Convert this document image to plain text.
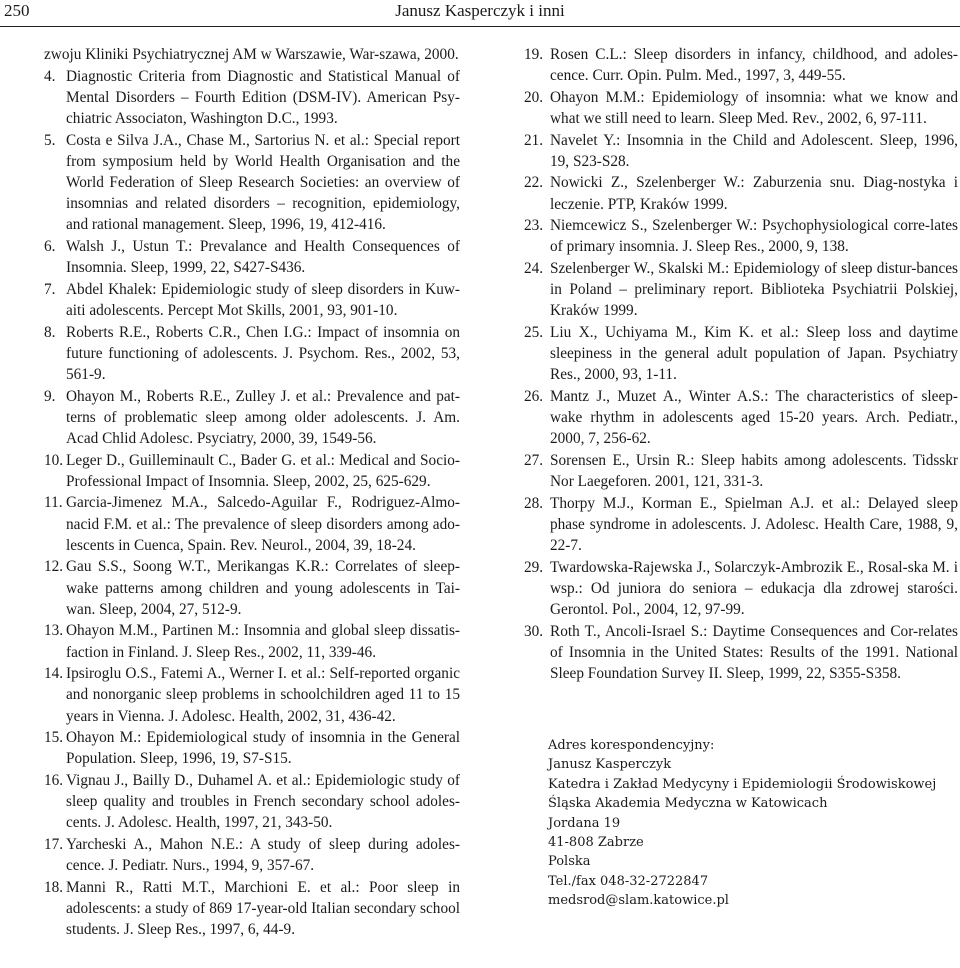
250	Janusz Kasperczyk i inni
zwoju Kliniki Psychiatrycznej AM w Warszawie, War-szawa, 2000.
4. Diagnostic Criteria from Diagnostic and Statistical Manual of Mental Disorders – Fourth Edition (DSM-IV). American Psy-chiatric Associaton, Washington D.C., 1993.
5. Costa e Silva J.A., Chase M., Sartorius N. et al.: Special report from symposium held by World Health Organisation and the World Federation of Sleep Research Societies: an overview of insomnias and related disorders – recognition, epidemiology, and rational management. Sleep, 1996, 19, 412-416.
6. Walsh J., Ustun T.: Prevalance and Health Consequences of Insomnia. Sleep, 1999, 22, S427-S436.
7. Abdel Khalek: Epidemiologic study of sleep disorders in Kuw-aiti adolescents. Percept Mot Skills, 2001, 93, 901-10.
8. Roberts R.E., Roberts C.R., Chen I.G.: Impact of insomnia on future functioning of adolescents. J. Psychom. Res., 2002, 53, 561-9.
9. Ohayon M., Roberts R.E., Zulley J. et al.: Prevalence and pat-terns of problematic sleep among older adolescents. J. Am. Acad Chlid Adolesc. Psyciatry, 2000, 39, 1549-56.
10. Leger D., Guilleminault C., Bader G. et al.: Medical and Socio-Professional Impact of Insomnia. Sleep, 2002, 25, 625-629.
11. Garcia-Jimenez M.A., Salcedo-Aguilar F., Rodriguez-Almo-nacid F.M. et al.: The prevalence of sleep disorders among ado-lescents in Cuenca, Spain. Rev. Neurol., 2004, 39, 18-24.
12. Gau S.S., Soong W.T., Merikangas K.R.: Correlates of sleep-wake patterns among children and young adolescents in Tai-wan. Sleep, 2004, 27, 512-9.
13. Ohayon M.M., Partinen M.: Insomnia and global sleep dissatis-faction in Finland. J. Sleep Res., 2002, 11, 339-46.
14. Ipsiroglu O.S., Fatemi A., Werner I. et al.: Self-reported organic and nonorganic sleep problems in schoolchildren aged 11 to 15 years in Vienna. J. Adolesc. Health, 2002, 31, 436-42.
15. Ohayon M.: Epidemiological study of insomnia in the General Population. Sleep, 1996, 19, S7-S15.
16. Vignau J., Bailly D., Duhamel A. et al.: Epidemiologic study of sleep quality and troubles in French secondary school adoles-cents. J. Adolesc. Health, 1997, 21, 343-50.
17. Yarcheski A., Mahon N.E.: A study of sleep during adoles-cence. J. Pediatr. Nurs., 1994, 9, 357-67.
18. Manni R., Ratti M.T., Marchioni E. et al.: Poor sleep in adolescents: a study of 869 17-year-old Italian secondary school students. J. Sleep Res., 1997, 6, 44-9.
19. Rosen C.L.: Sleep disorders in infancy, childhood, and adoles-cence. Curr. Opin. Pulm. Med., 1997, 3, 449-55.
20. Ohayon M.M.: Epidemiology of insomnia: what we know and what we still need to learn. Sleep Med. Rev., 2002, 6, 97-111.
21. Navelet Y.: Insomnia in the Child and Adolescent. Sleep, 1996, 19, S23-S28.
22. Nowicki Z., Szelenberger W.: Zaburzenia snu. Diag-nostyka i leczenie. PTP, Kraków 1999.
23. Niemcewicz S., Szelenberger W.: Psychophysiological corre-lates of primary insomnia. J. Sleep Res., 2000, 9, 138.
24. Szelenberger W., Skalski M.: Epidemiology of sleep distur-bances in Poland – preliminary report. Biblioteka Psychiatrii Polskiej, Kraków 1999.
25. Liu X., Uchiyama M., Kim K. et al.: Sleep loss and daytime sleepiness in the general adult population of Japan. Psychiatry Res., 2000, 93, 1-11.
26. Mantz J., Muzet A., Winter A.S.: The characteristics of sleep-wake rhythm in adolescents aged 15-20 years. Arch. Pediatr., 2000, 7, 256-62.
27. Sorensen E., Ursin R.: Sleep habits among adolescents. Tidsskr Nor Laegeforen. 2001, 121, 331-3.
28. Thorpy M.J., Korman E., Spielman A.J. et al.: Delayed sleep phase syndrome in adolescents. J. Adolesc. Health Care, 1988, 9, 22-7.
29. Twardowska-Rajewska J., Solarczyk-Ambrozik E., Rosal-ska M. i wsp.: Od juniora do seniora – edukacja dla zdrowej starości. Gerontol. Pol., 2004, 12, 97-99.
30. Roth T., Ancoli-Israel S.: Daytime Consequences and Cor-relates of Insomnia in the United States: Results of the 1991. National Sleep Foundation Survey II. Sleep, 1999, 22, S355-S358.
Adres korespondencyjny:
Janusz Kasperczyk
Katedra i Zakład Medycyny i Epidemiologii Środowiskowej
Śląska Akademia Medyczna w Katowicach
Jordana 19
41-808 Zabrze
Polska
Tel./fax 048-32-2722847
medsrod@slam.katowice.pl
